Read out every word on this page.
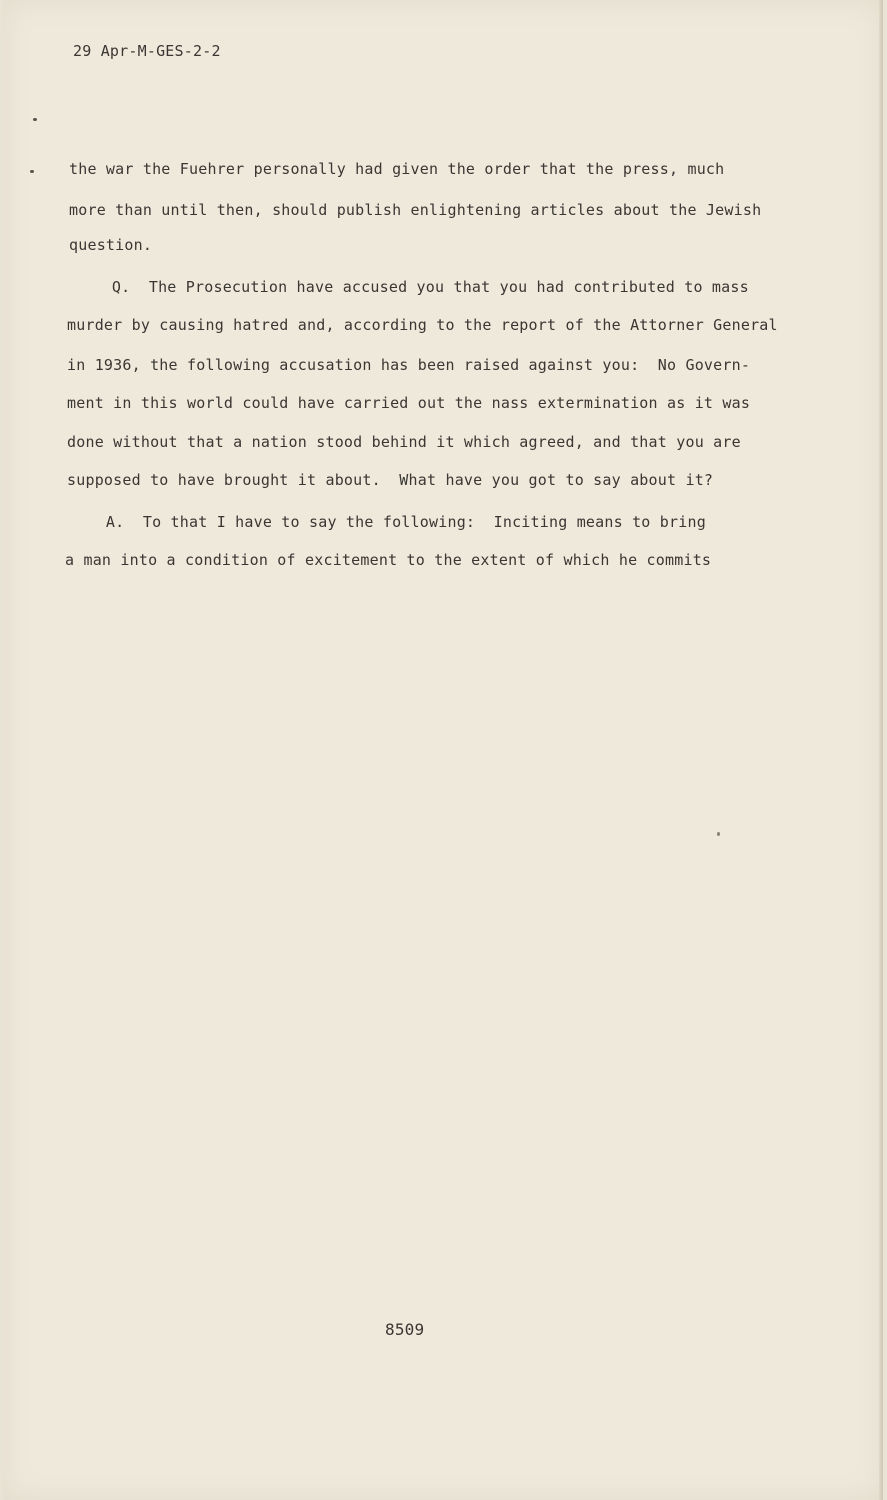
29 Apr-M-GES-2-2
the war the Fuehrer personally had given the order that the press, much
more than until then, should publish enlightening articles about the Jewish
question.
Q.  The Prosecution have accused you that you had contributed to mass
murder by causing hatred and, according to the report of the Attorner General
in 1936, the following accusation has been raised against you:  No Govern-
ment in this world could have carried out the nass extermination as it was
done without that a nation stood behind it which agreed, and that you are
supposed to have brought it about.  What have you got to say about it?
A.  To that I have to say the following:  Inciting means to bring
a man into a condition of excitement to the extent of which he commits
8509
